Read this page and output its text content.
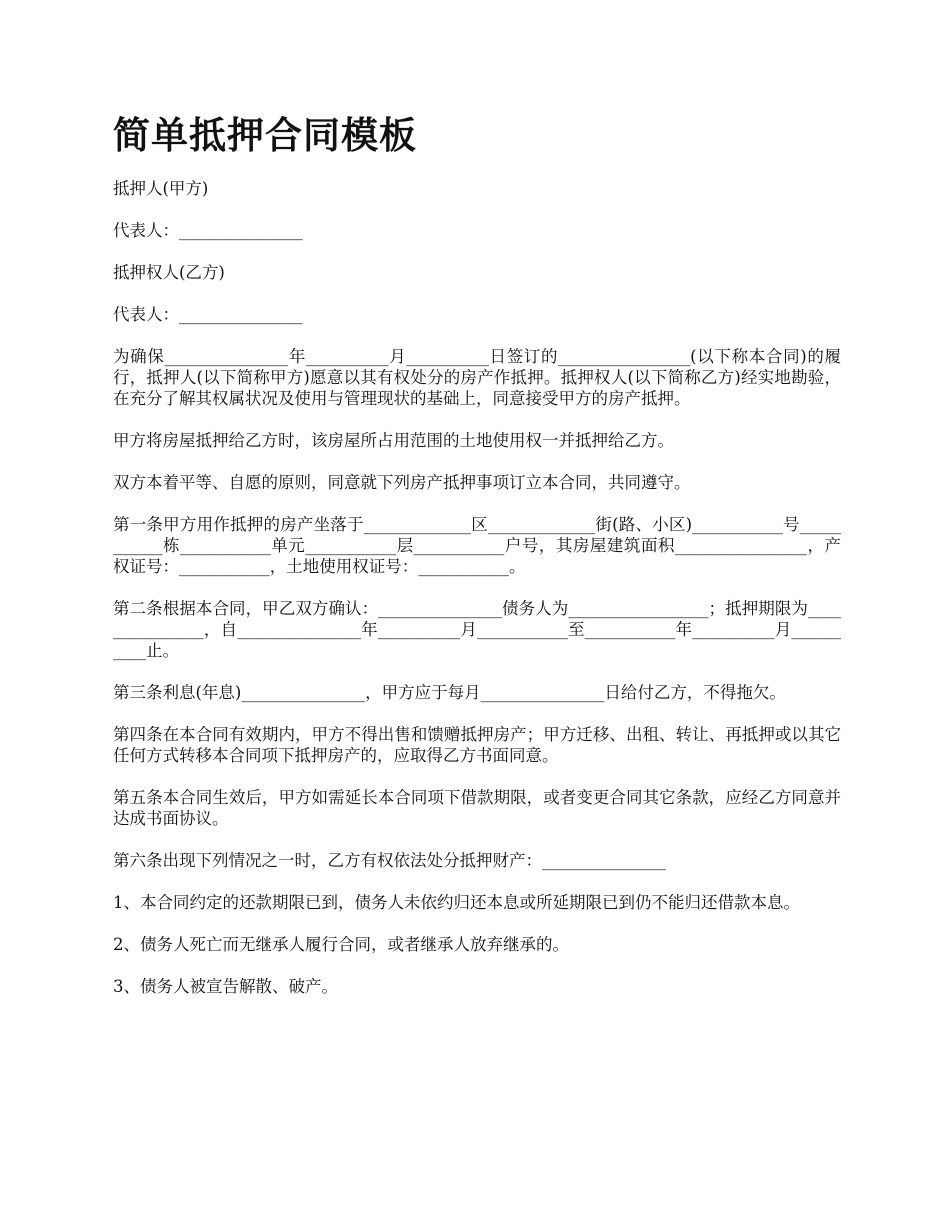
简单抵押合同模板

抵押人(甲方)

代表人：_______________

抵押权人(乙方)

代表人：_______________

为确保_______________年__________月__________日签订的________________(以下称本合同)的履行，抵押人(以下简称甲方)愿意以其有权处分的房产作抵押。抵押权人(以下简称乙方)经实地勘验，在充分了解其权属状况及使用与管理现状的基础上，同意接受甲方的房产抵押。

甲方将房屋抵押给乙方时，该房屋所占用范围的土地使用权一并抵押给乙方。

双方本着平等、自愿的原则，同意就下列房产抵押事项订立本合同，共同遵守。

第一条甲方用作抵押的房产坐落于_____________区_____________街(路、小区)___________号___________栋___________单元___________层___________户号，其房屋建筑面积________________，产权证号：___________，土地使用权证号：___________。

第二条根据本合同，甲乙双方确认：_______________债务人为_________________；抵押期限为_______________，自_______________年__________月___________至___________年__________月__________止。

第三条利息(年息)_______________，甲方应于每月_______________日给付乙方，不得拖欠。

第四条在本合同有效期内，甲方不得出售和馈赠抵押房产；甲方迁移、出租、转让、再抵押或以其它任何方式转移本合同项下抵押房产的，应取得乙方书面同意。

第五条本合同生效后，甲方如需延长本合同项下借款期限，或者变更合同其它条款，应经乙方同意并达成书面协议。

第六条出现下列情况之一时，乙方有权依法处分抵押财产：_______________

1、本合同约定的还款期限已到，债务人未依约归还本息或所延期限已到仍不能归还借款本息。

2、债务人死亡而无继承人履行合同，或者继承人放弃继承的。

3、债务人被宣告解散、破产。
